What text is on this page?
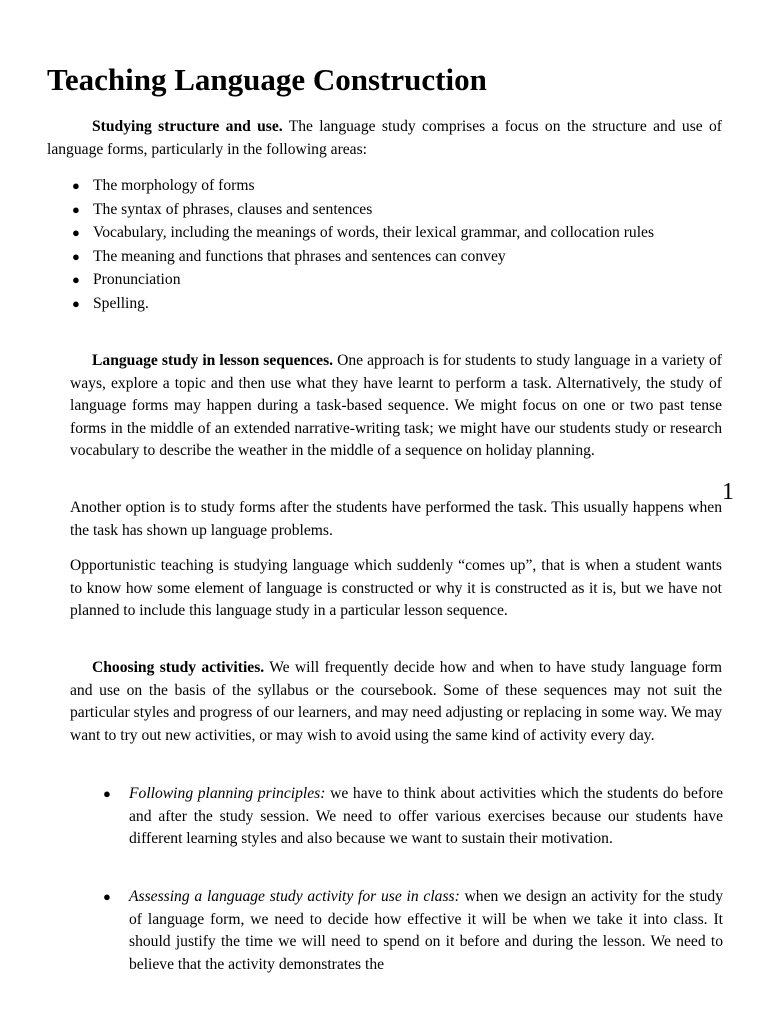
Teaching Language Construction

Studying structure and use. The language study comprises a focus on the structure and use of language forms, particularly in the following areas:

● The morphology of forms
● The syntax of phrases, clauses and sentences
● Vocabulary, including the meanings of words, their lexical grammar, and collocation rules
● The meaning and functions that phrases and sentences can convey
● Pronunciation
● Spelling.

Language study in lesson sequences. One approach is for students to study language in a variety of ways, explore a topic and then use what they have learnt to perform a task. Alternatively, the study of language forms may happen during a task-based sequence. We might focus on one or two past tense forms in the middle of an extended narrative-writing task; we might have our students study or research vocabulary to describe the weather in the middle of a sequence on holiday planning.

Another option is to study forms after the students have performed the task. This usually happens when the task has shown up language problems.

1

Opportunistic teaching is studying language which suddenly “comes up”, that is when a student wants to know how some element of language is constructed or why it is constructed as it is, but we have not planned to include this language study in a particular lesson sequence.

Choosing study activities. We will frequently decide how and when to have study language form and use on the basis of the syllabus or the coursebook. Some of these sequences may not suit the particular styles and progress of our learners, and may need adjusting or replacing in some way. We may want to try out new activities, or may wish to avoid using the same kind of activity every day.

● Following planning principles: we have to think about activities which the students do before and after the study session. We need to offer various exercises because our students have different learning styles and also because we want to sustain their motivation.
● Assessing a language study activity for use in class: when we design an activity for the study of language form, we need to decide how effective it will be when we take it into class. It should justify the time we will need to spend on it before and during the lesson. We need to believe that the activity demonstrates the
